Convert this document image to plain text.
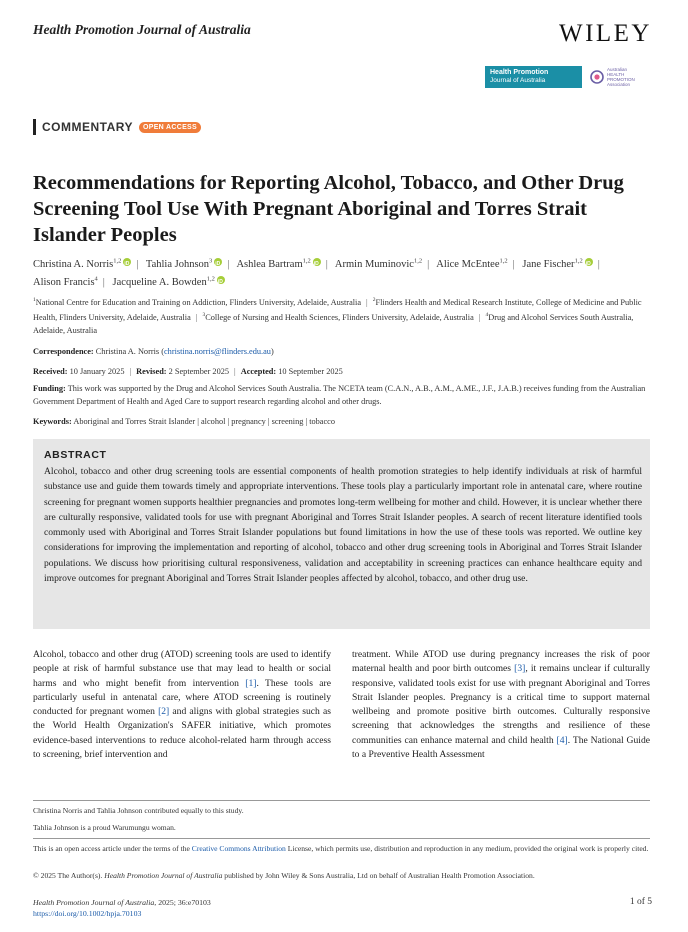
Health Promotion Journal of Australia	WILEY
Health Promotion
Journal of Australia
Australian
HEALTH
PROMOTION
Association
COMMENTARY	OPEN ACCESS
Recommendations for Reporting Alcohol, Tobacco, and Other Drug Screening Tool Use With Pregnant Aboriginal and Torres Strait Islander Peoples
Christina A. Norris$^{1,2}$ iD | Tahlia Johnson$^3$ iD | Ashlea Bartram$^{1,2}$ iD | Armin Muminovic$^{1,2}$ | Alice McEntee$^{1,2}$ | Jane Fischer$^{1,2}$ iD | Alison Francis$^4$ | Jacqueline A. Bowden$^{1,2}$iD
$^1$National Centre for Education and Training on Addiction, Flinders University, Adelaide, Australia | $^2$Flinders Health and Medical Research Institute, College of Medicine and Public Health, Flinders University, Adelaide, Australia | $^3$College of Nursing and Health Sciences, Flinders University, Adelaide, Australia | $^4$Drug and Alcohol Services South Australia, Adelaide, Australia
Correspondence: Christina A. Norris (christina.norris@flinders.edu.au)
Received: 10 January 2025 | Revised: 2 September 2025 | Accepted: 10 September 2025
Funding: This work was supported by the Drug and Alcohol Services South Australia. The NCETA team (C.A.N., A.B., A.M., A.ME., J.F., J.A.B.) receives funding from the Australian Government Department of Health and Aged Care to support research regarding alcohol and other drugs.
Keywords: Aboriginal and Torres Strait Islander | alcohol | pregnancy | screening | tobacco
ABSTRACT

Alcohol, tobacco and other drug screening tools are essential components of health promotion strategies to help identify individuals at risk of harmful substance use and guide them towards timely and appropriate interventions. These tools play a particularly important role in antenatal care, where routine screening for pregnant women supports healthier pregnancies and promotes long-term wellbeing for mother and child. However, it is unclear whether there are culturally responsive, validated tools for use with pregnant Aboriginal and Torres Strait Islander peoples. A search of recent literature identified tools commonly used with Aboriginal and Torres Strait Islander populations but found limitations in how the use of these tools was reported. We outline key considerations for improving the implementation and reporting of alcohol, tobacco and other drug screening tools in Aboriginal and Torres Strait Islander populations. We discuss how prioritising cultural responsiveness, validation and acceptability in screening practices can enhance healthcare equity and improve outcomes for pregnant Aboriginal and Torres Strait Islander peoples affected by alcohol, tobacco, and other drug use.

Alcohol, tobacco and other drug (ATOD) screening tools are used to identify people at risk of harmful substance use that may lead to health or social harms and who might benefit from intervention [1]. These tools are particularly useful in antenatal care, where ATOD screening is routinely conducted for pregnant women [2] and aligns with global strategies such as the World Health Organization's SAFER initiative, which promotes evidence-based interventions to reduce alcohol-related harm through access to screening, brief intervention and
treatment. While ATOD use during pregnancy increases the risk of poor maternal health and poor birth outcomes [3], it remains unclear if culturally responsive, validated tools exist for use with pregnant Aboriginal and Torres Strait Islander peoples. Pregnancy is a critical time to support maternal wellbeing and promote positive birth outcomes. Culturally responsive screening that acknowledges the strengths and resilience of these communities can enhance maternal and child health [4]. The National Guide to a Preventive Health Assessment
Christina Norris and Tahlia Johnson contributed equally to this study.
Tahlia Johnson is a proud Warumungu woman.
This is an open access article under the terms of the Creative Commons Attribution License, which permits use, distribution and reproduction in any medium, provided the original work is properly cited.
© 2025 The Author(s). Health Promotion Journal of Australia published by John Wiley & Sons Australia, Ltd on behalf of Australian Health Promotion Association.
Health Promotion Journal of Australia, 2025; 36:e70103
https://doi.org/10.1002/hpja.70103
1 of 5
